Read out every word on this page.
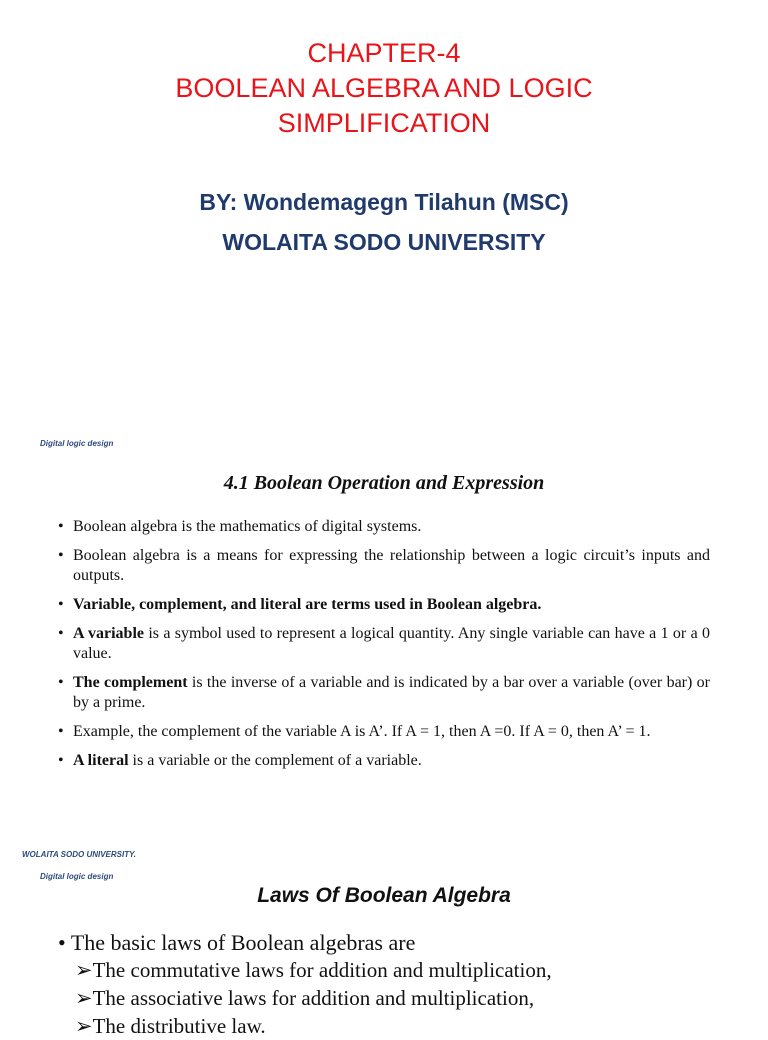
CHAPTER-4
BOOLEAN ALGEBRA AND LOGIC
SIMPLIFICATION
BY: Wondemagegn Tilahun (MSC)
WOLAITA SODO UNIVERSITY
Digital logic design
4.1 Boolean Operation and Expression
• Boolean algebra is the mathematics of digital systems.
• Boolean algebra is a means for expressing the relationship between a logic circuit’s inputs and outputs.
• Variable, complement, and literal are terms used in Boolean algebra.
• A variable is a symbol used to represent a logical quantity. Any single variable can have a 1 or a 0 value.
• The complement is the inverse of a variable and is indicated by a bar over a variable (over bar) or by a prime.
• Example, the complement of the variable A is A’. If A = 1, then A =0. If A = 0, then A’ = 1.
• A literal is a variable or the complement of a variable.
WOLAITA SODO UNIVERSITY.
Digital logic design
Laws Of Boolean Algebra
• The basic laws of Boolean algebras are
➢The commutative laws for addition and multiplication,
➢The associative laws for addition and multiplication,
➢The distributive law.
